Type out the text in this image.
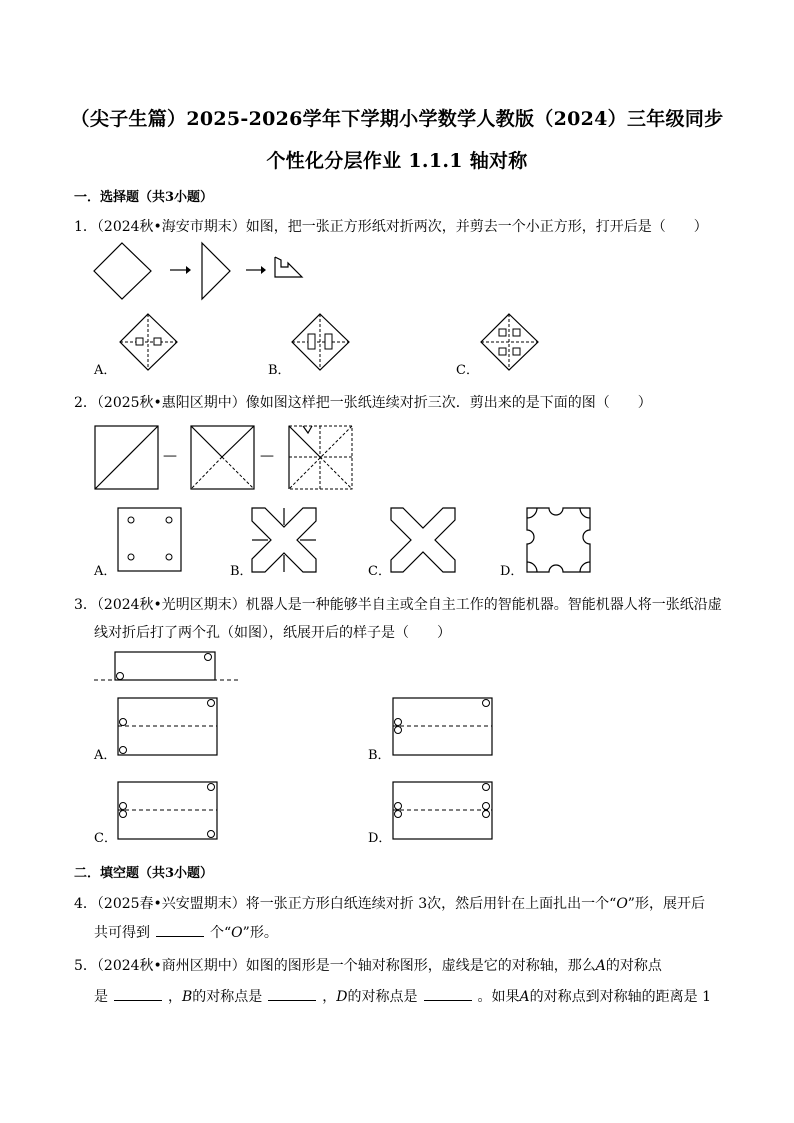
（尖子生篇）2025-2026学年下学期小学数学人教版（2024）三年级同步
个性化分层作业 1.1.1 轴对称
一．选择题（共3小题）
1．（2024秋•海安市期末）如图，把一张正方形纸对折两次，并剪去一个小正方形，打开后是（　　）
A．	B．	C．
2．（2025秋•惠阳区期中）像如图这样把一张纸连续对折三次．剪出来的是下面的图（　　）
—	—
A．	B．	C．	D．
3．（2024秋•光明区期末）机器人是一种能够半自主或全自主工作的智能机器。智能机器人将一张纸沿虚
线对折后打了两个孔（如图），纸展开后的样子是（　　）
A．	B．
C．	D．
二．填空题（共3小题）
4．（2025春•兴安盟期末）将一张正方形白纸连续对折 3次，然后用针在上面扎出一个“O”形，展开后
共可得到	个“O”形。
5．（2024秋•商州区期中）如图的图形是一个轴对称图形，虚线是它的对称轴，那么A的对称点
是	，B的对称点是	，D的对称点是	。如果A的对称点到对称轴的距离是 1
